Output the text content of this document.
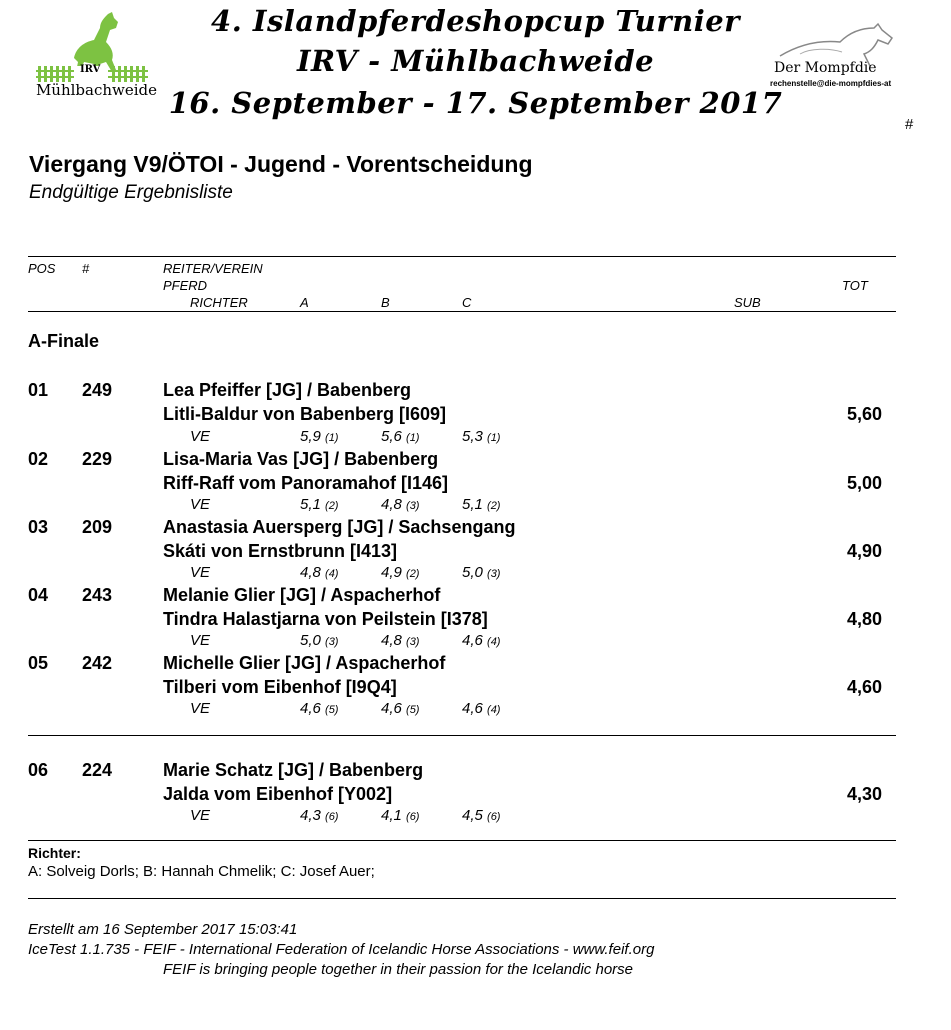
IRV
Mühlbachweide
Der Mompfdie
rechenstelle@die-mompfdies-at
4. Islandpferdeshopcup Turnier
IRV - Mühlbachweide
16. September - 17. September 2017
#
Viergang V9/ÖTOI - Jugend - Vorentscheidung
Endgültige Ergebnisliste
POS #	REITER/VEREIN
PFERD	TOT
RICHTER	A	B	C	SUB
A-Finale
01 249	Lea Pfeiffer [JG] / Babenberg
Litli-Baldur von Babenberg [I609]	5,60
VE	5,9 (1)	5,6 (1)	5,3 (1)
02 229	Lisa-Maria Vas [JG] / Babenberg
Riff-Raff vom Panoramahof [I146]	5,00
VE	5,1 (2)	4,8 (3)	5,1 (2)
03 209	Anastasia Auersperg [JG] / Sachsengang
Skáti von Ernstbrunn [I413]	4,90
VE	4,8 (4)	4,9 (2)	5,0 (3)
04 243	Melanie Glier [JG] / Aspacherhof
Tindra Halastjarna von Peilstein [I378]	4,80
VE	5,0 (3)	4,8 (3)	4,6 (4)
05 242	Michelle Glier [JG] / Aspacherhof
Tilberi vom Eibenhof [I9Q4]	4,60
VE	4,6 (5)	4,6 (5)	4,6 (4)
06 224	Marie Schatz [JG] / Babenberg
Jalda vom Eibenhof [Y002]	4,30
VE	4,3 (6)	4,1 (6)	4,5 (6)
Richter:
A: Solveig Dorls; B: Hannah Chmelik; C: Josef Auer;
Erstellt am 16 September 2017 15:03:41
IceTest 1.1.735 - FEIF - International Federation of Icelandic Horse Associations - www.feif.org
FEIF is bringing people together in their passion for the Icelandic horse
